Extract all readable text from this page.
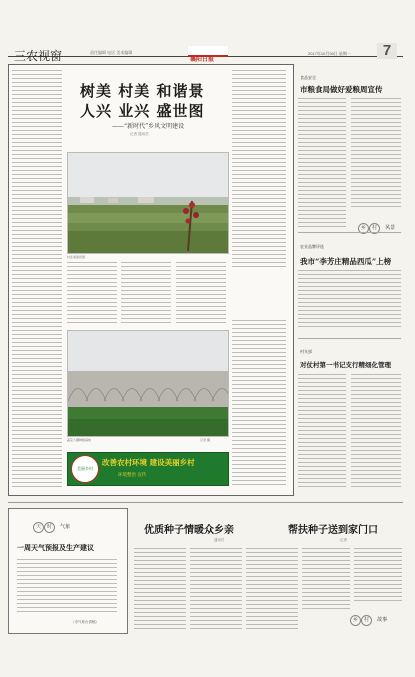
三农视窗	责任编辑 电话 美术编辑
襄阳日报
2017年10月30日 星期一	7
树美 村美 和谐景
人兴 业兴 盛世图
——“新时代”乡风文明建设
记者 通讯员
村庄美丽田园
蔬菜大棚种植基地	记者 摄
美丽乡村
改善农村环境 建设美丽乡村
环境整治 宣传
食品安全
市粮食局做好爱粮周宣传
乡 村 风景
农业品牌评选
我市“李芳庄精品西瓜”上榜
村支部
对仗村第一书记支行精细化管理
天 时 气象
一周天气预报及生产建议
（市气象台供稿）
优质种子情暖众乡亲
通讯员
帮扶种子送到家门口
记者
乡 村 故事
